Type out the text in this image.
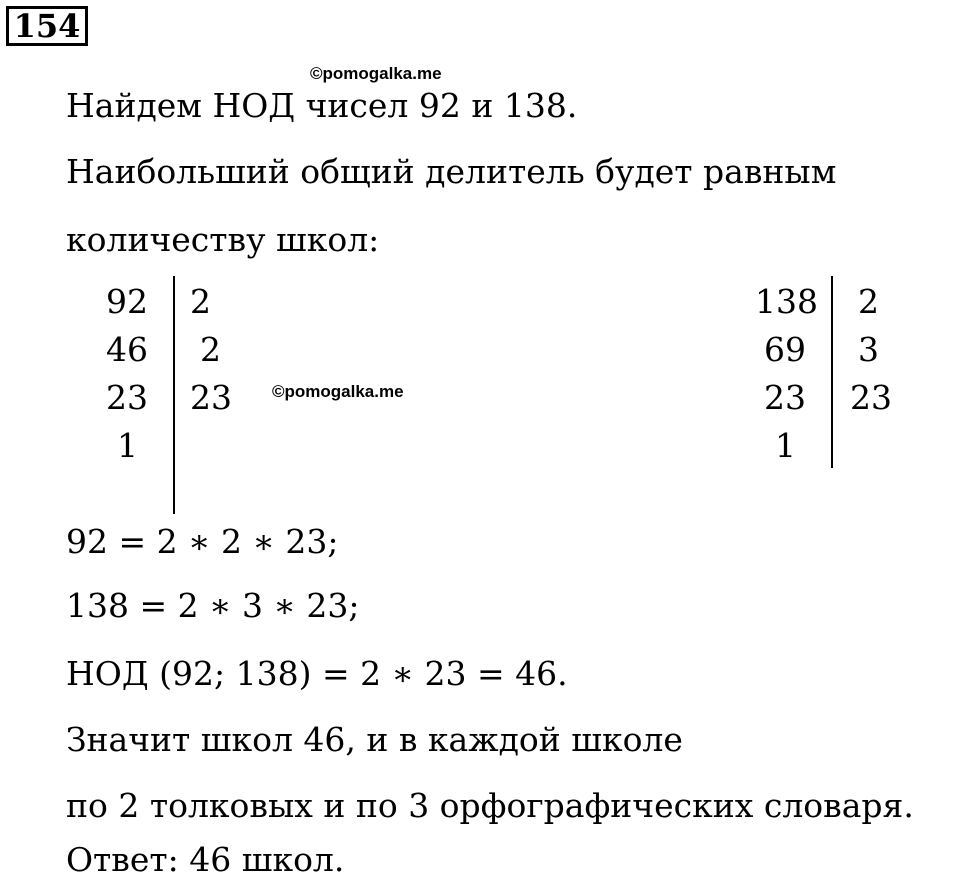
154
©pomogalka.me
Найдем НОД чисел 92 и 138.
Наибольший общий делитель будет равным
количеству школ:
92
46
23
1
2
2
23 ©pomogalka.me
138
69
23
1
2
3
23
92 = 2 ∗ 2 ∗ 23;
138 = 2 ∗ 3 ∗ 23;
НОД (92; 138) = 2 ∗ 23 = 46.
Значит школ 46, и в каждой школе
по 2 толковых и по 3 орфографических словаря.
Ответ: 46 школ.
